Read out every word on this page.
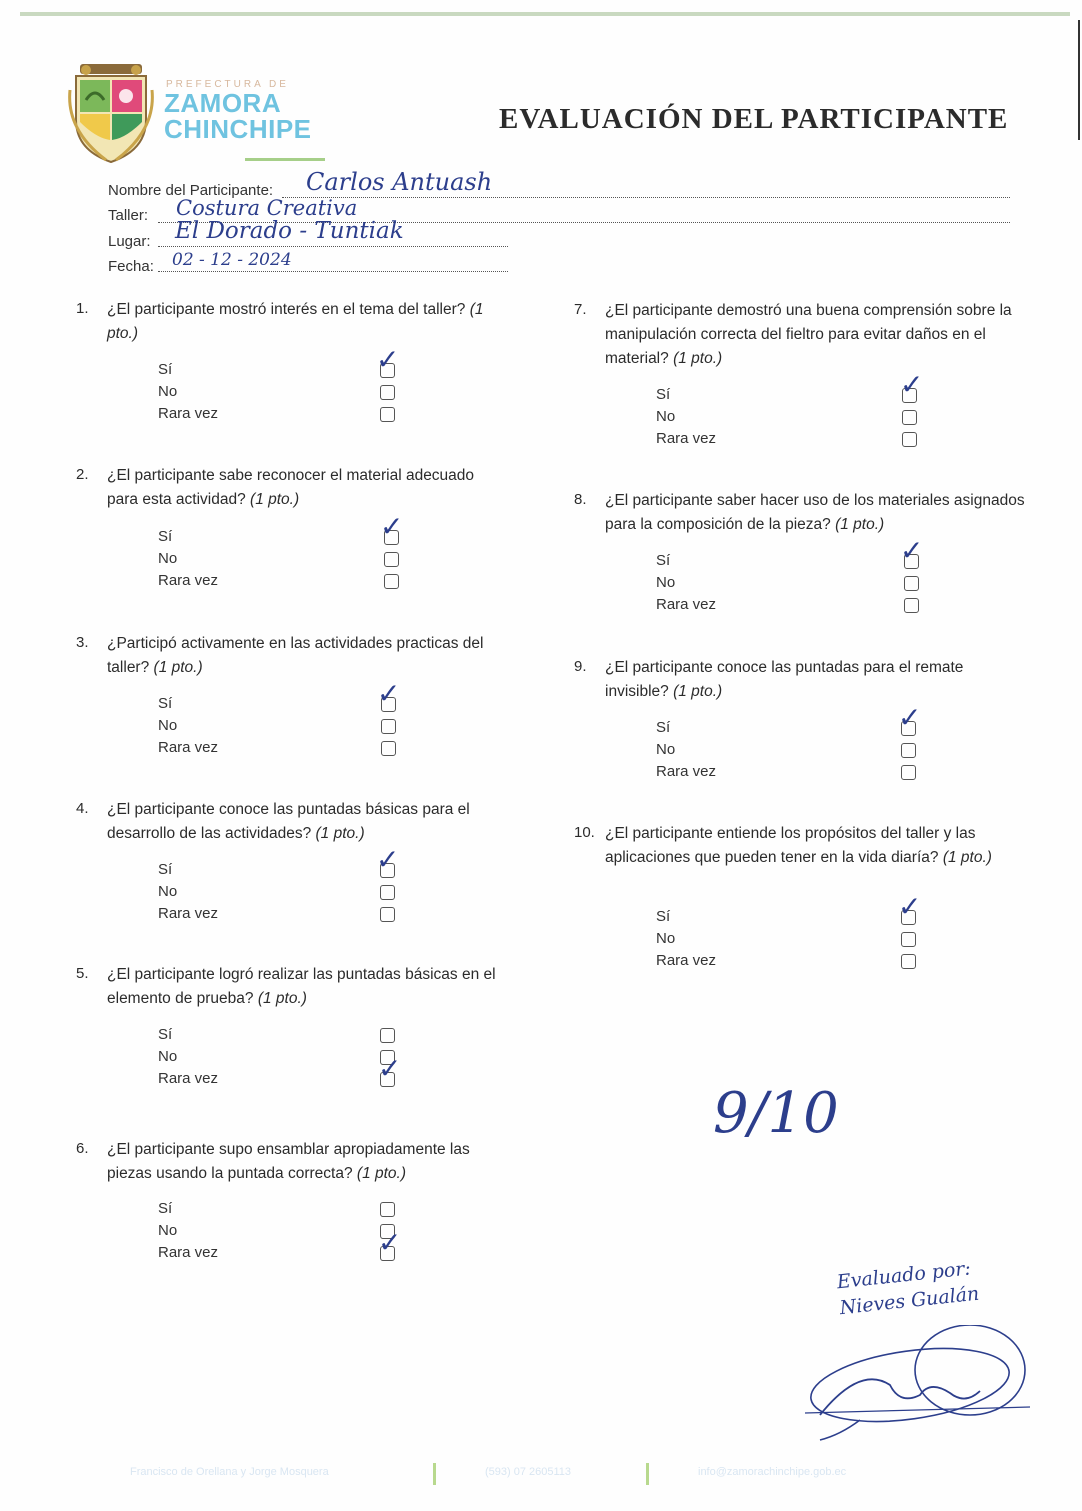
PREFECTURA DE
ZAMORA
CHINCHIPE	EVALUACIÓN DEL PARTICIPANTE
Nombre del Participante: Carlos Antuash
Taller: Costura Creativa
Lugar: El Dorado - Tuntiak
Fecha: 02 - 12 - 2024
1. ¿El participante mostró interés en el tema del taller? (1 pto.)
Sí	✓
No
Rara vez
2. ¿El participante sabe reconocer el material adecuado para esta actividad? (1 pto.)
Sí	✓
No
Rara vez
3. ¿Participó activamente en las actividades practicas del taller? (1 pto.)
Sí	✓
No
Rara vez
4. ¿El participante conoce las puntadas básicas para el desarrollo de las actividades? (1 pto.)
Sí	✓
No
Rara vez
5. ¿El participante logró realizar las puntadas básicas en el elemento de prueba? (1 pto.)
Sí
No
Rara vez	✓
6. ¿El participante supo ensamblar apropiadamente las piezas usando la puntada correcta? (1 pto.)
Sí
No
Rara vez	✓
7. ¿El participante demostró una buena comprensión sobre la manipulación correcta del fieltro para evitar daños en el material? (1 pto.)
Sí	✓
No
Rara vez
8. ¿El participante saber hacer uso de los materiales asignados para la composición de la pieza? (1 pto.)
Sí	✓
No
Rara vez
9. ¿El participante conoce las puntadas para el remate invisible? (1 pto.)
Sí	✓
No
Rara vez
10. ¿El participante entiende los propósitos del taller y las aplicaciones que pueden tener en la vida diaría? (1 pto.)
Sí	✓
No
Rara vez
9/10
Evaluado por:
Nieves Gualán
Francisco de Orellana y Jorge Mosquera	(593) 07 2605113	info@zamorachinchipe.gob.ec
